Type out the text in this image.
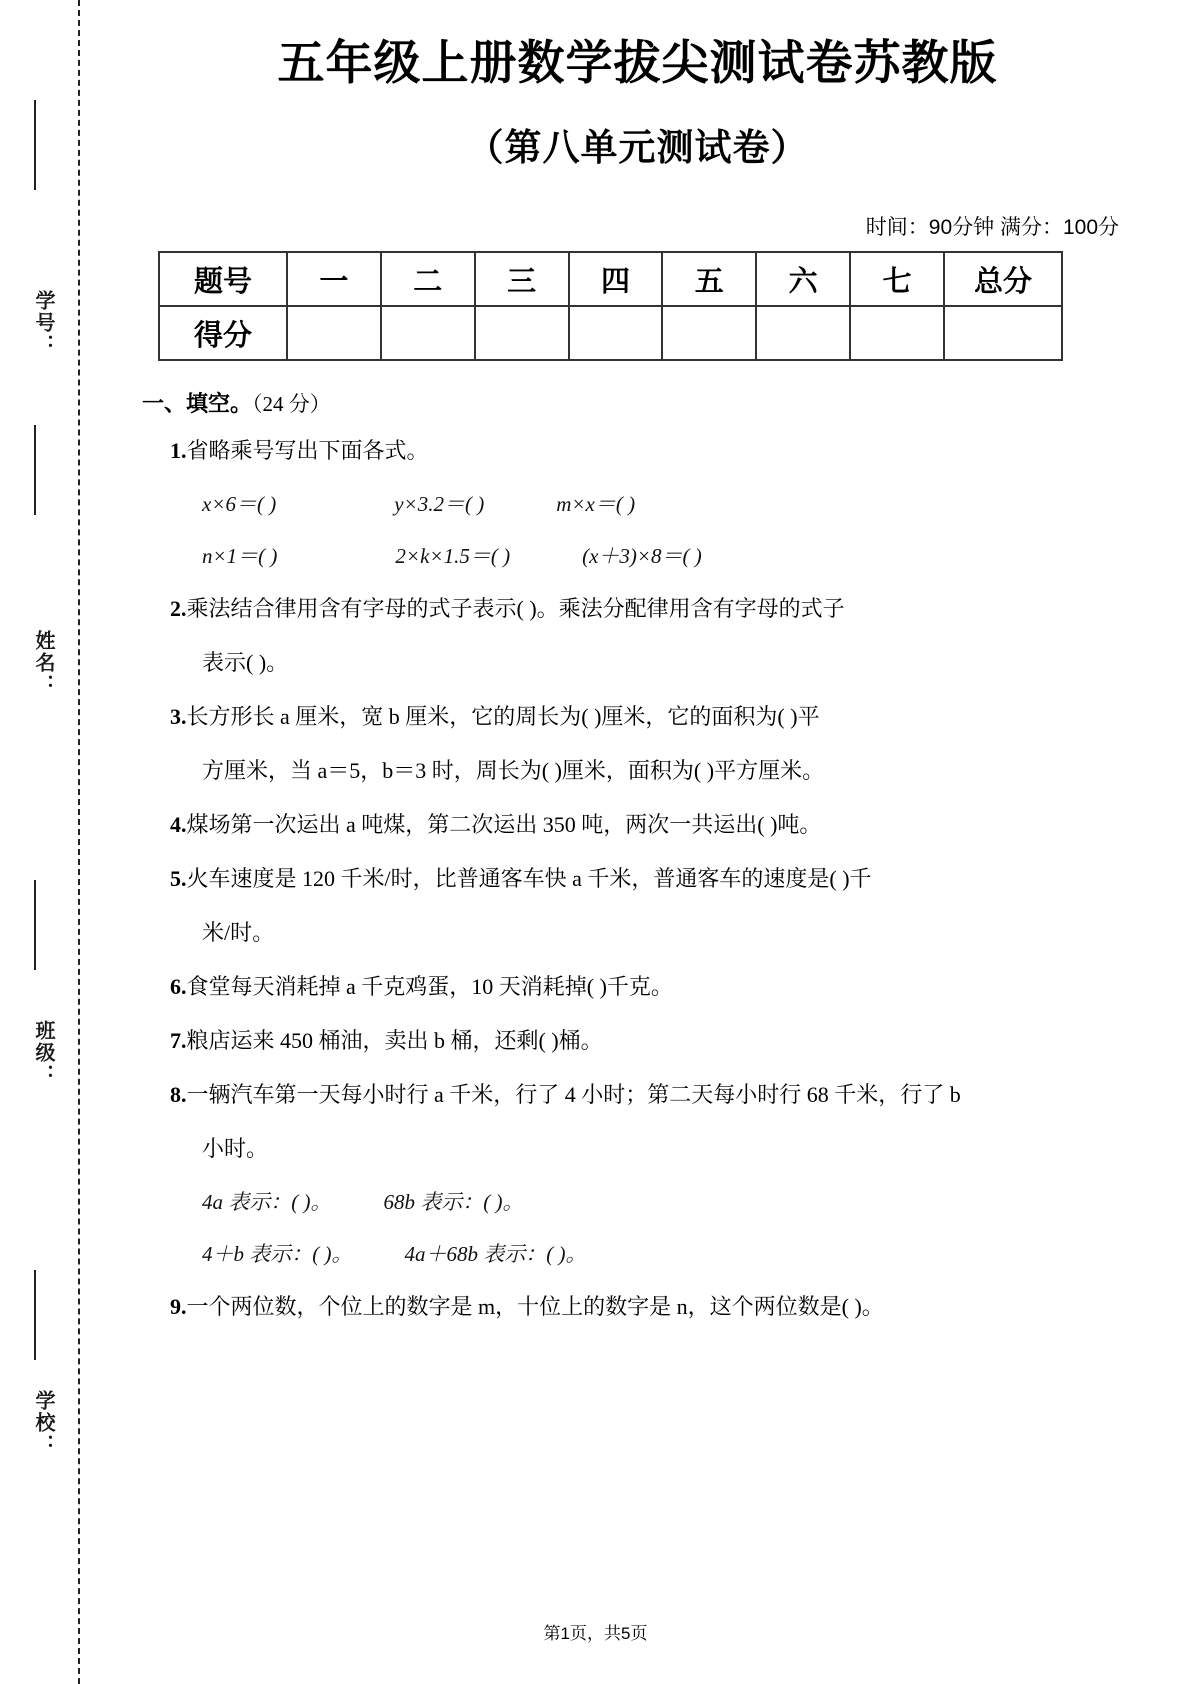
学号：
姓名：
班级：
学校：
五年级上册数学拔尖测试卷苏教版
（第八单元测试卷）
时间：90分钟 满分：100分
题号	一	二	三	四	五	六	七	总分
得分								
一、填空。（24 分）
1.省略乘号写出下面各式。
x×6＝( )	y×3.2＝( )	m×x＝( )
n×1＝( )	2×k×1.5＝( )	(x＋3)×8＝( )
2.乘法结合律用含有字母的式子表示( )。乘法分配律用含有字母的式子
表示( )。
3.长方形长 a 厘米，宽 b 厘米，它的周长为( )厘米，它的面积为( )平
方厘米，当 a＝5，b＝3 时，周长为( )厘米，面积为( )平方厘米。
4.煤场第一次运出 a 吨煤，第二次运出 350 吨，两次一共运出( )吨。
5.火车速度是 120 千米/时，比普通客车快 a 千米，普通客车的速度是( )千
米/时。
6.食堂每天消耗掉 a 千克鸡蛋，10 天消耗掉( )千克。
7.粮店运来 450 桶油，卖出 b 桶，还剩( )桶。
8.一辆汽车第一天每小时行 a 千米，行了 4 小时；第二天每小时行 68 千米，行了 b
小时。
4a 表示：( )。 68b 表示：( )。
4＋b 表示：( )。 4a＋68b 表示：( )。
9.一个两位数，个位上的数字是 m，十位上的数字是 n，这个两位数是( )。
第1页，共5页
